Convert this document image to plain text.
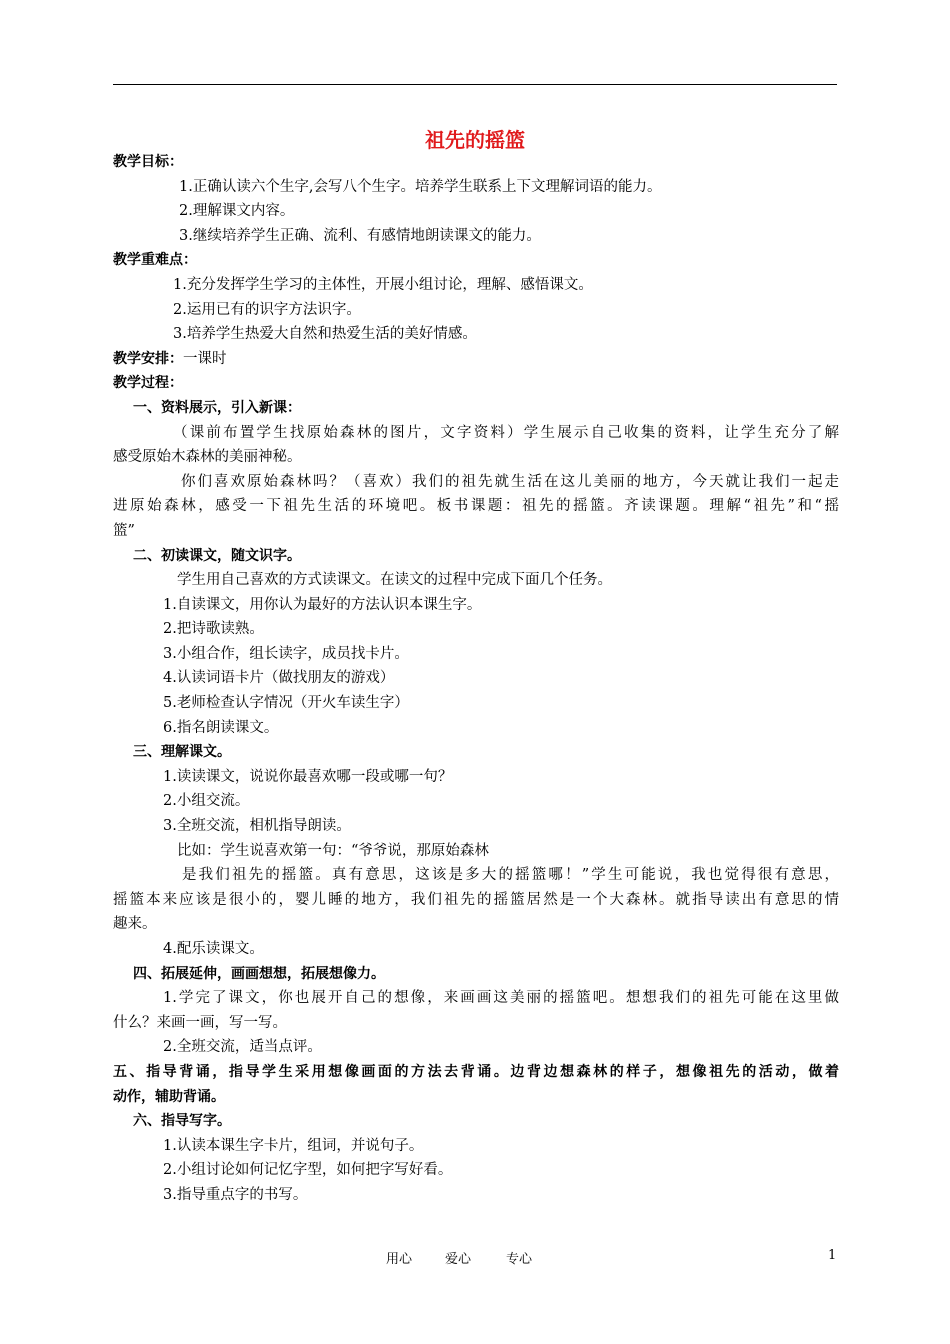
祖先的摇篮
教学目标：
1.正确认读六个生字,会写八个生字。培养学生联系上下文理解词语的能力。
2.理解课文内容。
3.继续培养学生正确、流利、有感情地朗读课文的能力。
教学重难点：
1.充分发挥学生学习的主体性，开展小组讨论，理解、感悟课文。
2.运用已有的识字方法识字。
3.培养学生热爱大自然和热爱生活的美好情感。
教学安排：一课时
教学过程：
一、资料展示，引入新课：
（课前布置学生找原始森林的图片，文字资料）学生展示自己收集的资料，让学生充分了解
感受原始木森林的美丽神秘。
你们喜欢原始森林吗？（喜欢）我们的祖先就生活在这儿美丽的地方，今天就让我们一起走
进原始森林，感受一下祖先生活的环境吧。板书课题：祖先的摇篮。齐读课题。理解“祖先”和“摇
篮”
二、初读课文，随文识字。
学生用自己喜欢的方式读课文。在读文的过程中完成下面几个任务。
1.自读课文，用你认为最好的方法认识本课生字。
2.把诗歌读熟。
3.小组合作，组长读字，成员找卡片。
4.认读词语卡片（做找朋友的游戏）
5.老师检查认字情况（开火车读生字）
6.指名朗读课文。
三、理解课文。
1.读读课文，说说你最喜欢哪一段或哪一句？
2.小组交流。
3.全班交流，相机指导朗读。
比如：学生说喜欢第一句：“爷爷说，那原始森林
是我们祖先的摇篮。真有意思，这该是多大的摇篮哪！”学生可能说，我也觉得很有意思，
摇篮本来应该是很小的，婴儿睡的地方，我们祖先的摇篮居然是一个大森林。就指导读出有意思的情
趣来。
4.配乐读课文。
四、拓展延伸，画画想想，拓展想像力。
1.学完了课文，你也展开自己的想像，来画画这美丽的摇篮吧。想想我们的祖先可能在这里做
什么？来画一画，写一写。
2.全班交流，适当点评。
五、指导背诵，指导学生采用想像画面的方法去背诵。边背边想森林的样子，想像祖先的活动，做着
动作，辅助背诵。
六、指导写字。
1.认读本课生字卡片，组词，并说句子。
2.小组讨论如何记忆字型，如何把字写好看。
3.指导重点字的书写。
用心	爱心	专心	1
